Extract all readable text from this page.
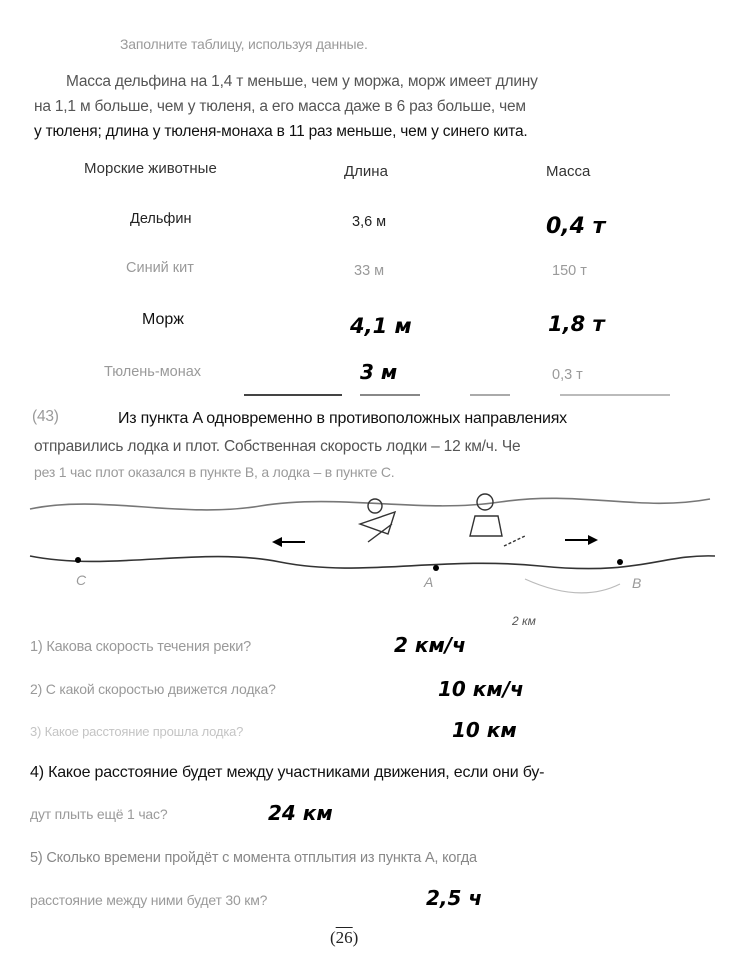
Заполните таблицу, используя данные.
Масса дельфина на 1,4 т меньше, чем у моржа, морж имеет длину
на 1,1 м больше, чем у тюленя, а его масса даже в 6 раз больше, чем
у тюленя; длина у тюленя-монаха в 11 раз меньше, чем у синего кита.
Морские животные	Длина	Масса
Дельфин	3,6 м	0,4 т
Синий кит	33 м	150 т
Морж	4,1 м	1,8 т
Тюлень-монах	3 м	0,3 т
(43)	Из пункта A одновременно в противоположных направлениях
отправились лодка и плот. Собственная скорость лодки – 12 км/ч. Че
рез 1 час плот оказался в пункте B, а лодка – в пункте C.
C	A	B
2 км
1) Какова скорость течения реки?	2 км/ч
2) С какой скоростью движется лодка?	10 км/ч
3) Какое расстояние прошла лодка?	10 км
4) Какое расстояние будет между участниками движения, если они бу-
дут плыть ещё 1 час?	24 км
5) Сколько времени пройдёт с момента отплытия из пункта A, когда
расстояние между ними будет 30 км?	2,5 ч
(26)
